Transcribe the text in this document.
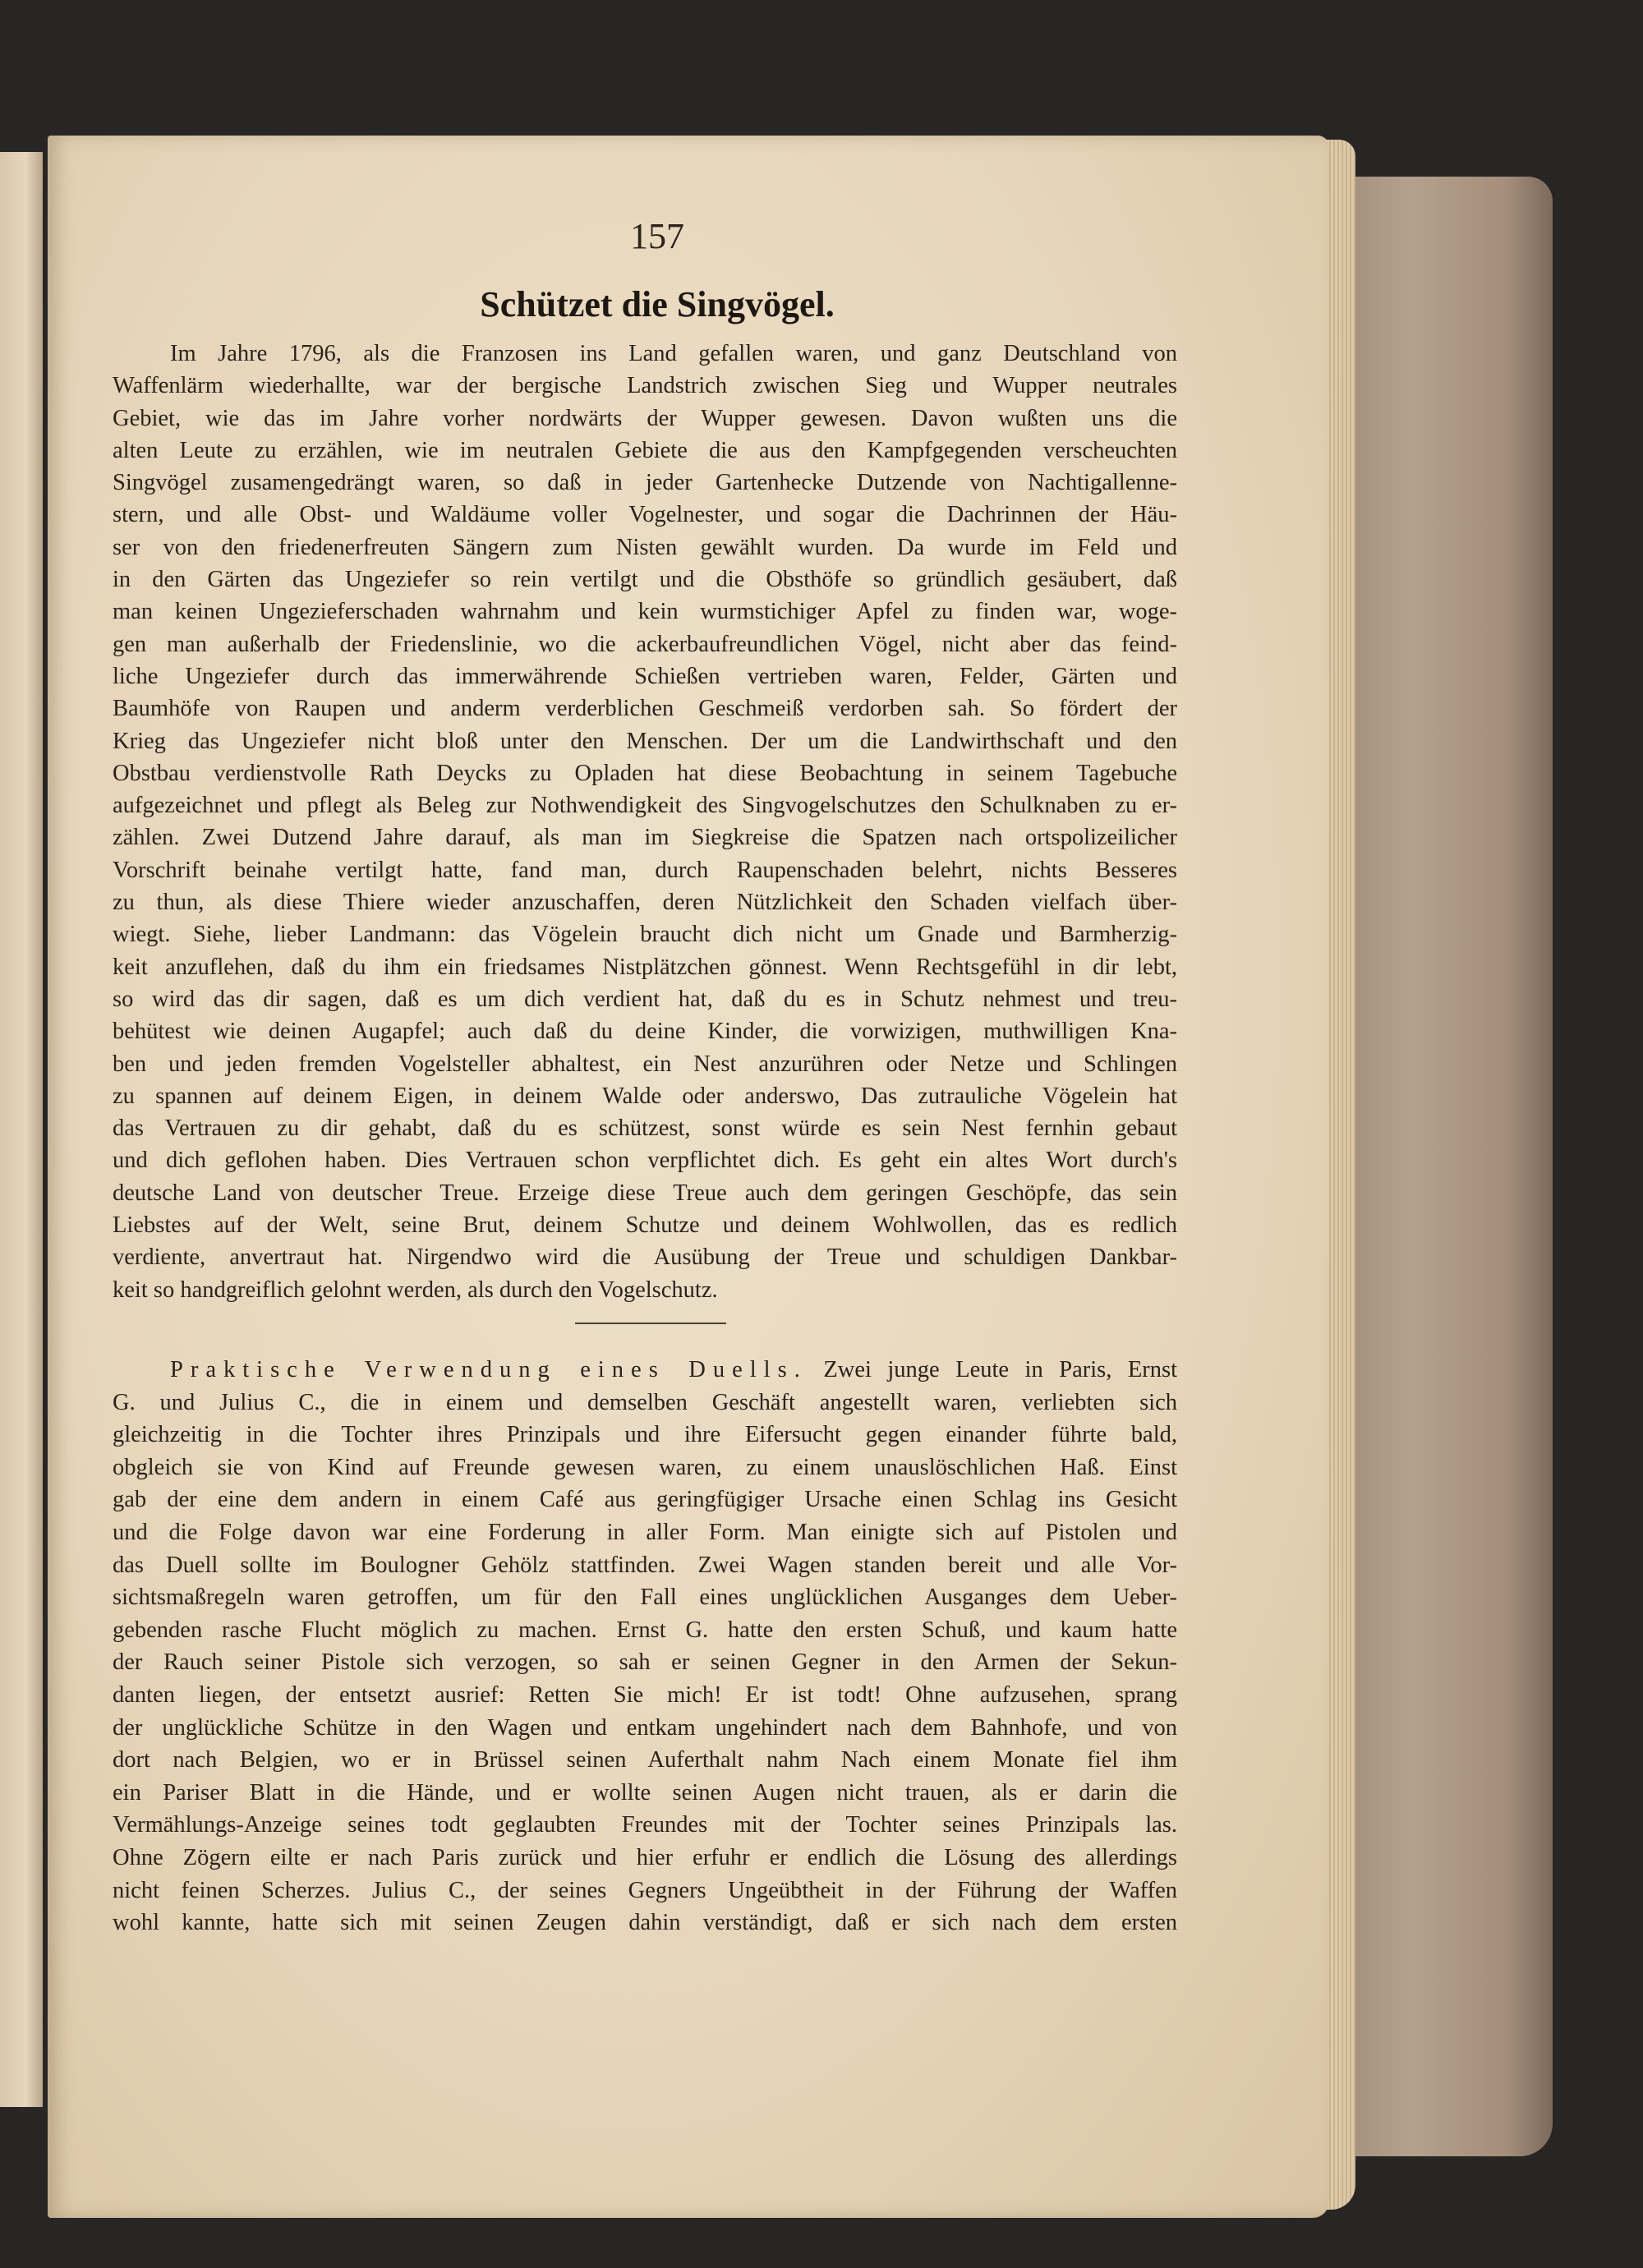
157
Schützet die Singvögel.
Im Jahre 1796, als die Franzosen ins Land gefallen waren, und ganz Deutschland von
Waffenlärm wiederhallte, war der bergische Landstrich zwischen Sieg und Wupper neutrales
Gebiet, wie das im Jahre vorher nordwärts der Wupper gewesen. Davon wußten uns die
alten Leute zu erzählen, wie im neutralen Gebiete die aus den Kampfgegenden verscheuchten
Singvögel zusamengedrängt waren, so daß in jeder Gartenhecke Dutzende von Nachtigallenne-
stern, und alle Obst- und Waldäume voller Vogelnester, und sogar die Dachrinnen der Häu-
ser von den friedenerfreuten Sängern zum Nisten gewählt wurden. Da wurde im Feld und
in den Gärten das Ungeziefer so rein vertilgt und die Obsthöfe so gründlich gesäubert, daß
man keinen Ungezieferschaden wahrnahm und kein wurmstichiger Apfel zu finden war, woge-
gen man außerhalb der Friedenslinie, wo die ackerbaufreundlichen Vögel, nicht aber das feind-
liche Ungeziefer durch das immerwährende Schießen vertrieben waren, Felder, Gärten und
Baumhöfe von Raupen und anderm verderblichen Geschmeiß verdorben sah. So fördert der
Krieg das Ungeziefer nicht bloß unter den Menschen. Der um die Landwirthschaft und den
Obstbau verdienstvolle Rath Deycks zu Opladen hat diese Beobachtung in seinem Tagebuche
aufgezeichnet und pflegt als Beleg zur Nothwendigkeit des Singvogelschutzes den Schulknaben zu er-
zählen. Zwei Dutzend Jahre darauf, als man im Siegkreise die Spatzen nach ortspolizeilicher
Vorschrift beinahe vertilgt hatte, fand man, durch Raupenschaden belehrt, nichts Besseres
zu thun, als diese Thiere wieder anzuschaffen, deren Nützlichkeit den Schaden vielfach über-
wiegt. Siehe, lieber Landmann: das Vögelein braucht dich nicht um Gnade und Barmherzig-
keit anzuflehen, daß du ihm ein friedsames Nistplätzchen gönnest. Wenn Rechtsgefühl in dir lebt,
so wird das dir sagen, daß es um dich verdient hat, daß du es in Schutz nehmest und treu-
behütest wie deinen Augapfel; auch daß du deine Kinder, die vorwizigen, muthwilligen Kna-
ben und jeden fremden Vogelsteller abhaltest, ein Nest anzurühren oder Netze und Schlingen
zu spannen auf deinem Eigen, in deinem Walde oder anderswo, Das zutrauliche Vögelein hat
das Vertrauen zu dir gehabt, daß du es schützest, sonst würde es sein Nest fernhin gebaut
und dich geflohen haben. Dies Vertrauen schon verpflichtet dich. Es geht ein altes Wort durch's
deutsche Land von deutscher Treue. Erzeige diese Treue auch dem geringen Geschöpfe, das sein
Liebstes auf der Welt, seine Brut, deinem Schutze und deinem Wohlwollen, das es redlich
verdiente, anvertraut hat. Nirgendwo wird die Ausübung der Treue und schuldigen Dankbar-
keit so handgreiflich gelohnt werden, als durch den Vogelschutz.
Praktische Verwendung eines Duells. Zwei junge Leute in Paris, Ernst
G. und Julius C., die in einem und demselben Geschäft angestellt waren, verliebten sich
gleichzeitig in die Tochter ihres Prinzipals und ihre Eifersucht gegen einander führte bald,
obgleich sie von Kind auf Freunde gewesen waren, zu einem unauslöschlichen Haß. Einst
gab der eine dem andern in einem Café aus geringfügiger Ursache einen Schlag ins Gesicht
und die Folge davon war eine Forderung in aller Form. Man einigte sich auf Pistolen und
das Duell sollte im Boulogner Gehölz stattfinden. Zwei Wagen standen bereit und alle Vor-
sichtsmaßregeln waren getroffen, um für den Fall eines unglücklichen Ausganges dem Ueber-
gebenden rasche Flucht möglich zu machen. Ernst G. hatte den ersten Schuß, und kaum hatte
der Rauch seiner Pistole sich verzogen, so sah er seinen Gegner in den Armen der Sekun-
danten liegen, der entsetzt ausrief: Retten Sie mich! Er ist todt! Ohne aufzusehen, sprang
der unglückliche Schütze in den Wagen und entkam ungehindert nach dem Bahnhofe, und von
dort nach Belgien, wo er in Brüssel seinen Auferthalt nahm Nach einem Monate fiel ihm
ein Pariser Blatt in die Hände, und er wollte seinen Augen nicht trauen, als er darin die
Vermählungs-Anzeige seines todt geglaubten Freundes mit der Tochter seines Prinzipals las.
Ohne Zögern eilte er nach Paris zurück und hier erfuhr er endlich die Lösung des allerdings
nicht feinen Scherzes. Julius C., der seines Gegners Ungeübtheit in der Führung der Waffen
wohl kannte, hatte sich mit seinen Zeugen dahin verständigt, daß er sich nach dem ersten
